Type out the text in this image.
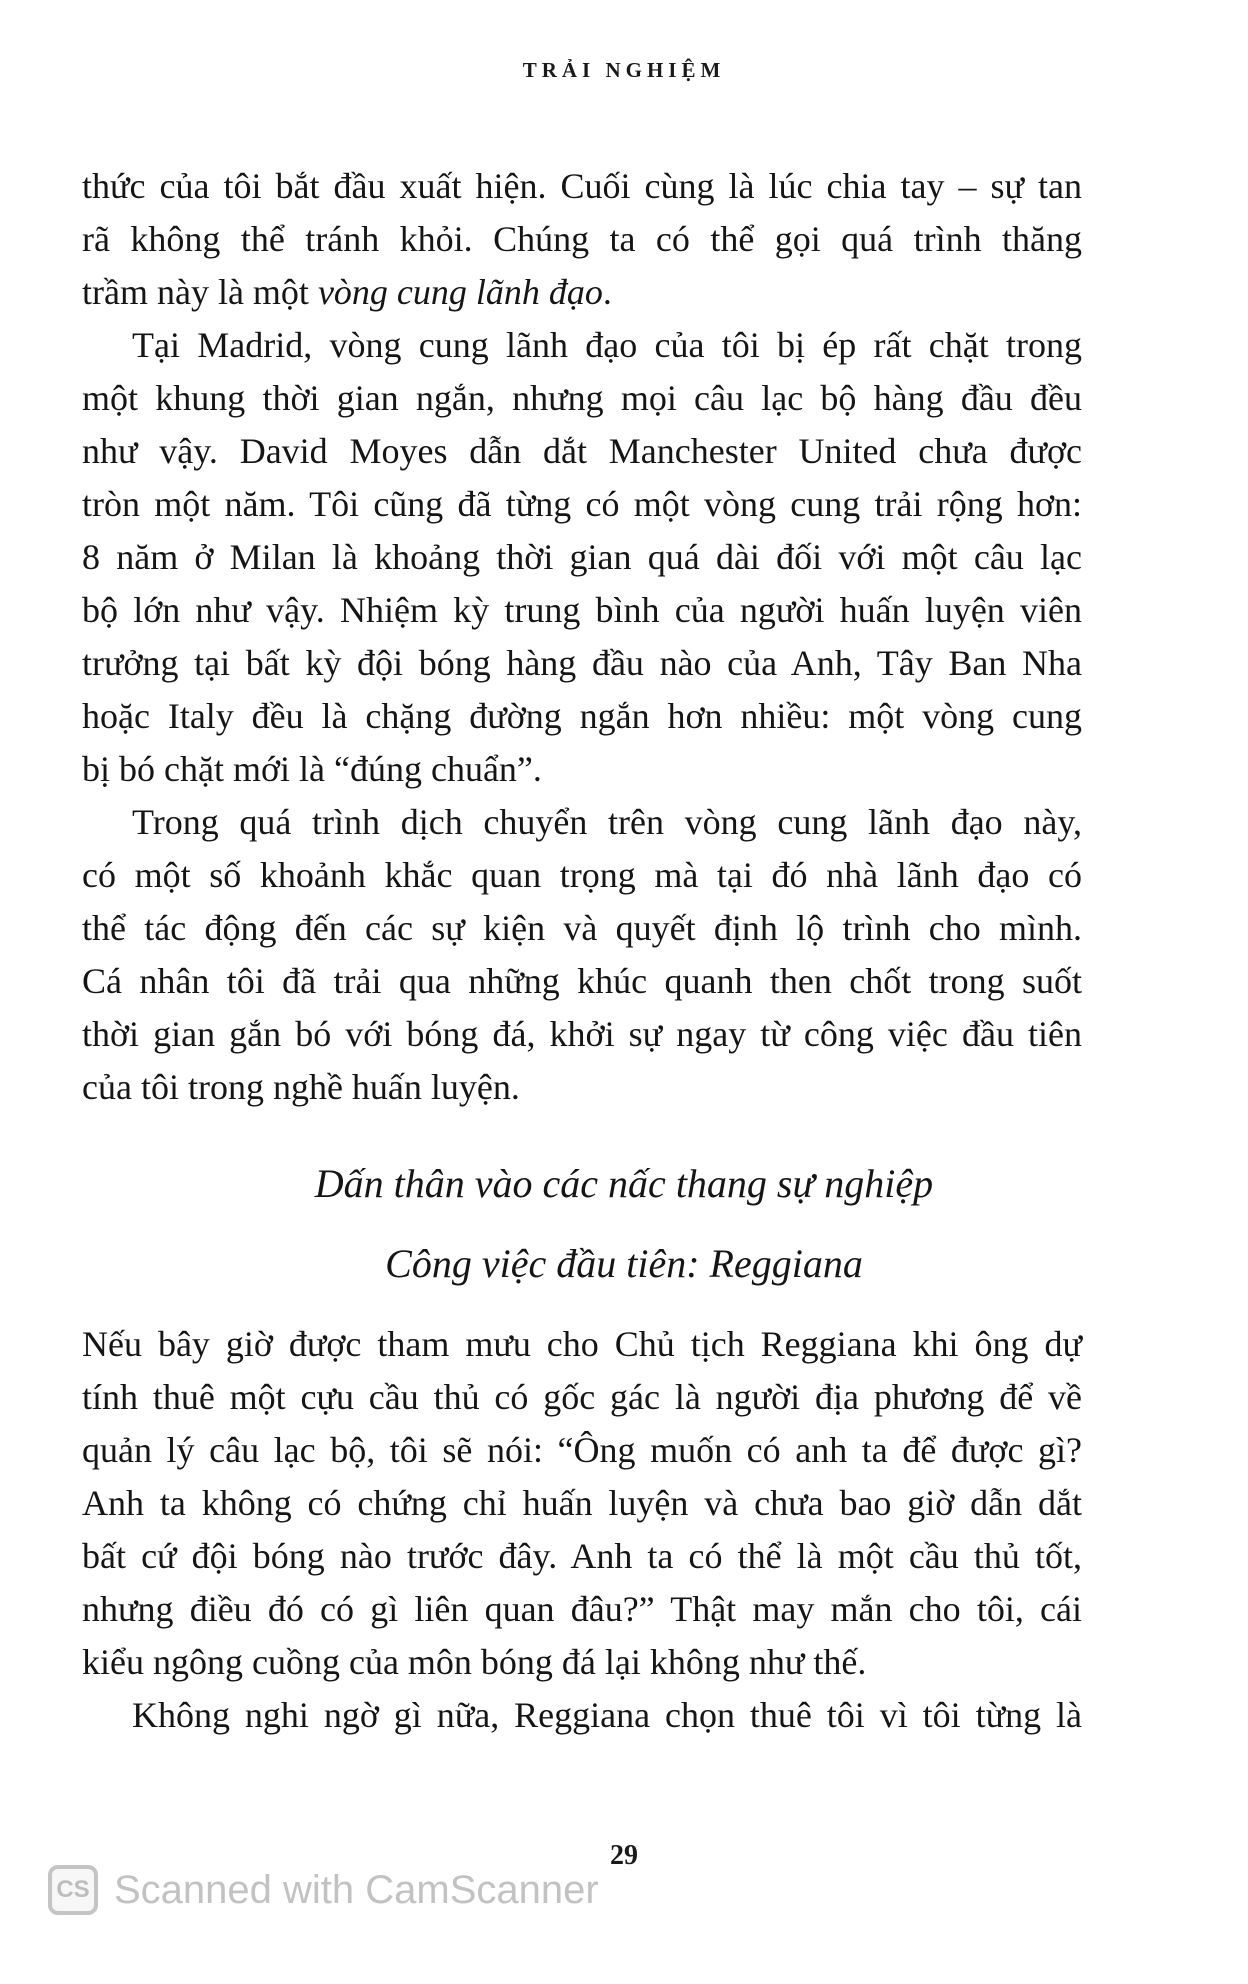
TRẢI NGHIỆM

thức của tôi bắt đầu xuất hiện. Cuối cùng là lúc chia tay – sự tan
rã không thể tránh khỏi. Chúng ta có thể gọi quá trình thăng
trầm này là một vòng cung lãnh đạo.

Tại Madrid, vòng cung lãnh đạo của tôi bị ép rất chặt trong
một khung thời gian ngắn, nhưng mọi câu lạc bộ hàng đầu đều
như vậy. David Moyes dẫn dắt Manchester United chưa được
tròn một năm. Tôi cũng đã từng có một vòng cung trải rộng hơn:
8 năm ở Milan là khoảng thời gian quá dài đối với một câu lạc
bộ lớn như vậy. Nhiệm kỳ trung bình của người huấn luyện viên
trưởng tại bất kỳ đội bóng hàng đầu nào của Anh, Tây Ban Nha
hoặc Italy đều là chặng đường ngắn hơn nhiều: một vòng cung
bị bó chặt mới là “đúng chuẩn”.

Trong quá trình dịch chuyển trên vòng cung lãnh đạo này,
có một số khoảnh khắc quan trọng mà tại đó nhà lãnh đạo có
thể tác động đến các sự kiện và quyết định lộ trình cho mình.
Cá nhân tôi đã trải qua những khúc quanh then chốt trong suốt
thời gian gắn bó với bóng đá, khởi sự ngay từ công việc đầu tiên
của tôi trong nghề huấn luyện.

Dấn thân vào các nấc thang sự nghiệp
Công việc đầu tiên: Reggiana

Nếu bây giờ được tham mưu cho Chủ tịch Reggiana khi ông dự
tính thuê một cựu cầu thủ có gốc gác là người địa phương để về
quản lý câu lạc bộ, tôi sẽ nói: “Ông muốn có anh ta để được gì?
Anh ta không có chứng chỉ huấn luyện và chưa bao giờ dẫn dắt
bất cứ đội bóng nào trước đây. Anh ta có thể là một cầu thủ tốt,
nhưng điều đó có gì liên quan đâu?” Thật may mắn cho tôi, cái
kiểu ngông cuồng của môn bóng đá lại không như thế.

Không nghi ngờ gì nữa, Reggiana chọn thuê tôi vì tôi từng là

29
CS Scanned with CamScanner
